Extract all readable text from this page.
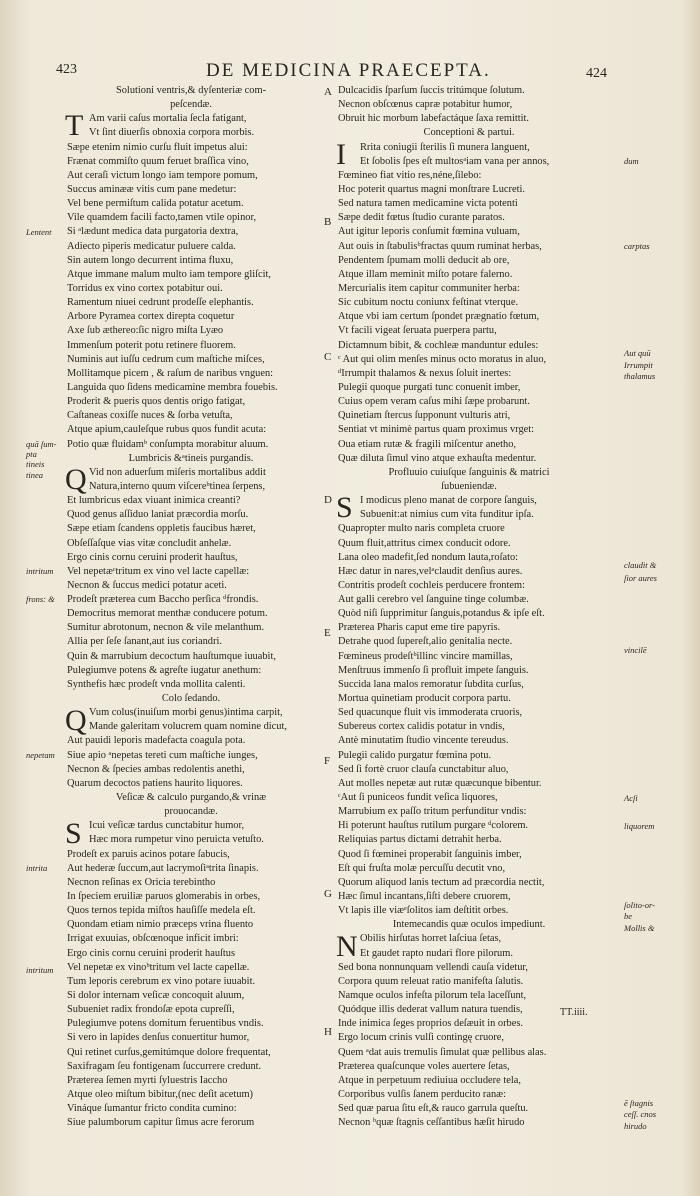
423	DE MEDICINA PRAECEPTA.	424
Solutioni ventris,& dyſenteriæ com-
peſcendæ.
Am varii caſus mortalia ſecla fatigant,
T Vt ſint diuerſis obnoxia corpora morbis.
Sæpe etenim nimio curſu fluit impetus alui:
Frænat commiſto quum feruet braſſica vino,
Aut ceraſi victum longo iam tempore pomum,
Succus aminææ vitis cum pane medetur:
Vel bene permiſtum calida potatur acetum.
Vile quamdem facili facto,tamen vtile opinor,
Si ᵃlædunt medica data purgatoria dextra,
Adiecto piperis medicatur puluere calda.
Sin autem longo decurrent intima fluxu,
Atque immane malum multo iam tempore gliſcit,
Torridus ex vino cortex potabitur oui.
Ramentum niuei cedrunt prodeſſe elephantis.
Arbore Pyramea cortex direpta coquetur
Axe ſub æthereo:ſic nigro miſta Lyæo
Immenſum poterit potu retinere fluorem.
Numinis aut iuſſu cedrum cum maſtiche miſces,
Mollitamque picem , & raſum de naribus vnguen:
Languida quo ſidens medicamine membra fouebis.
Proderit & pueris quos dentis origo fatigat,
Caſtaneas coxiſſe nuces & ſorba vetuſta,
Atque apium,cauleſque rubus quos fundit acuta:
Potio quæ fluidamᵇ conſumpta morabitur aluum.
Lumbricis &ᵃtineis purgandis.
Vid non aduerſum miſeris mortalibus addit
Q Natura,interno quum viſcereᵇtinea ſerpens,
Et lumbricus edax viuant inimica creanti?
Quod genus aſſiduo laniat præcordia morſu.
Sæpe etiam ſcandens oppletis faucibus hæret,
Obſeſſaſque vias vitæ concludit anhelæ.
Ergo cinis cornu ceruini proderit hauſtus,
Vel nepetæᶜtritum ex vino vel lacte capellæ:
Necnon & ſuccus medici potatur aceti.
Prodeſt præterea cum Baccho perſica ᵈfrondis.
Democritus memorat menthæ conducere potum.
Sumitur abrotonum, necnon & vile melanthum.
Allia per ſeſe ſanant,aut ius coriandri.
Quin & marrubium decoctum hauſtumque iuuabit,
Pulegiumve potens & agreſte iugatur anethum:
Synthefis hæc prodeſt vnda mollita calenti.
Colo ſedando.
Vum colus(inuiſum morbi genus)intima carpit,
Q Mande galeritam volucrem quam nomine dicut,
Aut pauidi leporis madefacta coagula pota.
Siue apio ᵃnepetas tereti cum maſtiche iunges,
Necnon & ſpecies ambas redolentis anethi,
Quarum decoctos patiens haurito liquores.
Veſicæ & calculo purgando,& vrinæ
prouocandæ.
Icui veſicæ tardus cunctabitur humor,
S Hæc mora rumpetur vino peruicta vetuſto.
Prodeſt ex paruis acinos potare ſabucis,
Aut hederæ ſuccum,aut lacrymoſiᵃtrita ſinapis.
Necnon reſinas ex Oricia terebintho
In ſpeciem eruiliæ paruos glomerabis in orbes,
Quos ternos tepida miſtos hauſiſſe medela eſt.
Quondam etiam nimio præceps vrina fluento
Irrigat exuuias, obſcœnoque inficit imbri:
Ergo cinis cornu ceruini proderit hauſtus
Vel nepetæ ex vinoᵇtritum vel lacte capellæ.
Tum leporis cerebrum ex vino potare iuuabit.
Si dolor internam veſicæ concoquit aluum,
Subueniet radix frondoſæ epota cupreſſi,
Pulegiumve potens domitum feruentibus vndis.
Si vero in lapides denſus conuertitur humor,
Qui retinet curſus,gemitúmque dolore frequentat,
Saxifragam ſeu fontigenam ſuccurrere credunt.
Præterea ſemen myrti ſyluestris Iaccho
Atque oleo miſtum bibitur,(nec deſit acetum)
Vináque ſumantur fricto condita cumino:
Siue palumborum capitur ſimus acre ferorum
Dulcacidis ſparſum ſuccis tritúmque ſolutum.
Necnon obſcœnus capræ potabitur humor,
Obruit hic morbum labefactáque ſaxa remittit.
Conceptioni & partui.
Rrita coniugii ſterilis ſi munera languent,
I	Et ſobolis ſpes eſt multosᵃiam vana per annos,
Fœmineo fiat vitio res,néne,ſilebo:
Hoc poterit quartus magni monſtrare Lucreti.
Sed natura tamen medicamine victa potenti
Sæpe dedit fœtus ſtudio curante paratos.
Aut igitur leporis conſumit fœmina vuluam,
Aut ouis in ſtabulisᵇfractas quum ruminat herbas,
Pendentem ſpumam molli deducit ab ore,
Atque illam meminit miſto potare falerno.
Mercurialis item capitur communiter herba:
Sic cubitum noctu coniunx feſtinat vterque.
Atque vbi iam certum ſpondet prægnatio fœtum,
Vt facili vigeat ſeruata puerpera partu,
Dictamnum bibit, & cochleæ manduntur edules:
ᶜ Aut qui olim menſes minus octo moratus in aluo,
ᵈIrrumpit thalamos & nexus ſoluit inertes:
Pulegii quoque purgati tunc conuenit imber,
Cuius opem veram caſus mihi ſæpe probarunt.
Quinetiam ſtercus ſupponunt vulturis atri,
Sentiat vt minimè partus quam proximus vrget:
Oua etiam rutæ & fragili miſcentur anetho,
Quæ diluta ſimul vino atque exhauſta medentur.
Profluuio cuiuſque ſanguinis & matrici
ſubueniendæ.
I modicus pleno manat de corpore ſanguis,
S Subuenit:at nimius cum vita funditur ipſa.
Quapropter multo naris completa cruore
Quum fluit,attritus cimex conducit odore.
Lana oleo madefit,ſed nondum lauta,roſato:
Hæc datur in nares,velᵃclaudit denſius aures.
Contritis prodeſt cochleis perducere frontem:
Aut galli cerebro vel ſanguine tinge columbæ.
Quòd niſi ſupprimitur ſanguis,potandus & ipſe eſt.
Præterea Pharis caput eme tire papyris.
Detrahe quod ſupereſt,alio genitalia necte.
Fœmineus prodeſtᵇillinc vincire mamillas,
Menſtruus immenſo ſi profluit impete ſanguis.
Succida lana malos remoratur ſubdita curſus,
Mortua quinetiam producit corpora partu.
Sed quacunque fluit vis immoderata cruoris,
Subereus cortex calidis potatur in vndis,
Antè minutatim ſtudio vincente tereudus.
Pulegii calido purgatur fœmina potu.
Sed ſi fortè cruor clauſa cunctabitur aluo,
Aut molles nepetæ aut rutæ quæcunque bibentur.
ᶜAut ſi puniceos fundit veſica liquores,
Marrubium ex paſſo tritum perfunditur vndis:
Hi poterunt hauſtus rutilum purgare ᵈcolorem.
Reliquias partus dictami detrahit herba.
Quod ſi fœminei properabit ſanguinis imber,
Eſt qui fruſta molæ percuſſu decutit vno,
Quorum aliquod lanis tectum ad præcordia nectit,
Hæc ſimul incantans,ſiſti debere cruorem,
Vt lapis ille viæᵉſolitos iam deſtitit orbes.
Intemecandis quæ oculos impediunt.
Obilis hirſutas horret laſciua ſetas,
N Et gaudet rapto nudari flore pilorum.
Sed bona nonnunquam vellendi cauſa videtur,
Corpora quum releuat ratio manifeſta ſalutis.
Namque oculos infeſta pilorum tela laceſſunt,
Quódque illis dederat vallum natura tuendis,
Inde inimica ſeges proprios deſæuit in orbes.
Ergo locum crinis vulſi contingę cruore,
Quem ᵃdat auis tremulis ſimulat quæ pellibus alas.
Præterea quaſcunque voles auertere ſetas,
Atque in perpetuum rediuiua occludere tela,
Corporibus vulſis ſanem perducito ranæ:
Sed quæ parua ſitu eſt,& rauco garrula queſtu.
Necnon ᵇquæ ſtagnis ceſſantibus hæſit hirudo
Lentent
quā ſum-
pta
tineis
tinea
intritum
frons: &
nepetam
intrita
intritum
dum
carptas
Aut quū
Irrumpit
thalamus
claudit &
ſior aures
vincilē
Acſi
liquorem
ſolito-or-
be
Mollis &
ē ſtagnis
ceſſ. cnos
hirudo
A
B
C
D
E
F
G
H
TT.iiii.
